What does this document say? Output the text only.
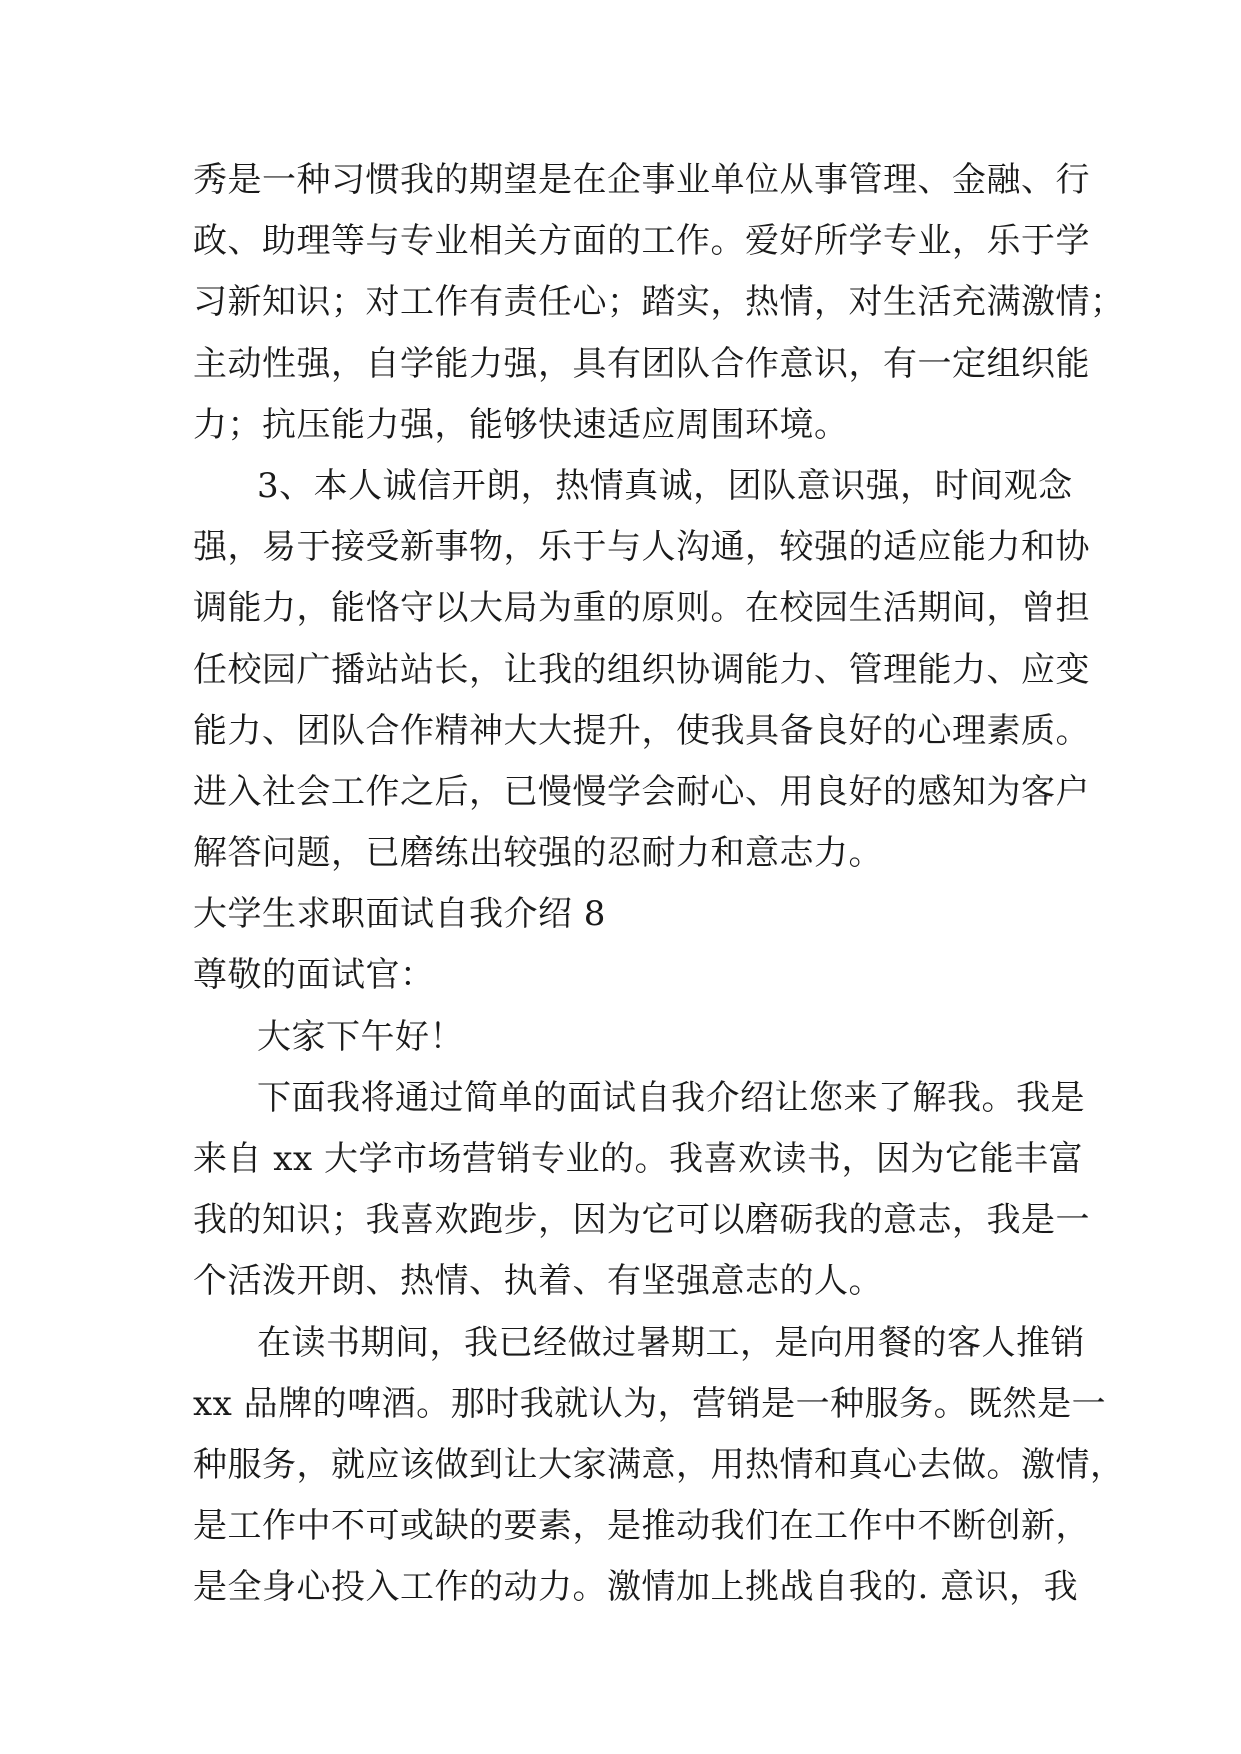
秀是一种习惯我的期望是在企事业单位从事管理、金融、行
政、助理等与专业相关方面的工作。爱好所学专业，乐于学
习新知识；对工作有责任心；踏实，热情，对生活充满激情；
主动性强，自学能力强，具有团队合作意识，有一定组织能
力；抗压能力强，能够快速适应周围环境。
3、本人诚信开朗，热情真诚，团队意识强，时间观念
强，易于接受新事物，乐于与人沟通，较强的适应能力和协
调能力，能恪守以大局为重的原则。在校园生活期间，曾担
任校园广播站站长，让我的组织协调能力、管理能力、应变
能力、团队合作精神大大提升，使我具备良好的心理素质。
进入社会工作之后，已慢慢学会耐心、用良好的感知为客户
解答问题，已磨练出较强的忍耐力和意志力。
大学生求职面试自我介绍 8
尊敬的面试官：
大家下午好！
下面我将通过简单的面试自我介绍让您来了解我。我是
来自 xx 大学市场营销专业的。我喜欢读书，因为它能丰富
我的知识；我喜欢跑步，因为它可以磨砺我的意志，我是一
个活泼开朗、热情、执着、有坚强意志的人。
在读书期间，我已经做过暑期工，是向用餐的客人推销
xx 品牌的啤酒。那时我就认为，营销是一种服务。既然是一
种服务，就应该做到让大家满意，用热情和真心去做。激情，
是工作中不可或缺的要素，是推动我们在工作中不断创新，
是全身心投入工作的动力。激情加上挑战自我的. 意识，我
